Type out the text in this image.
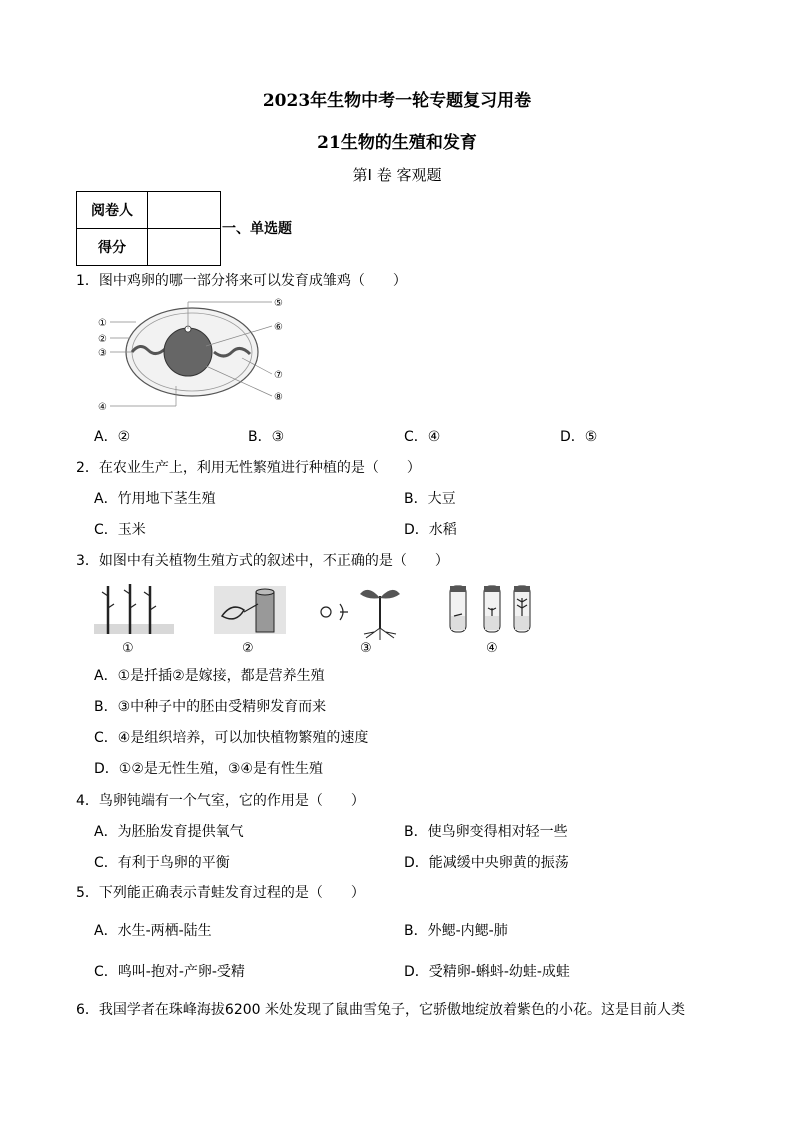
2023年生物中考一轮专题复习用卷
21生物的生殖和发育
第Ⅰ 卷 客观题
阅卷人	
得分	
一、单选题
1．图中鸡卵的哪一部分将来可以发育成雏鸡（　　）
①
②
③
④
⑤
⑥
⑦
⑧
A．②	B．③	C．④	D．⑤
2．在农业生产上，利用无性繁殖进行种植的是（　　）
A．竹用地下茎生殖	B．大豆
C．玉米	D．水稻
3．如图中有关植物生殖方式的叙述中，不正确的是（　　）
①	②	③	④
A．①是扦插②是嫁接，都是营养生殖
B．③中种子中的胚由受精卵发育而来
C．④是组织培养，可以加快植物繁殖的速度
D．①②是无性生殖，③④是有性生殖
4．鸟卵钝端有一个气室，它的作用是（　　）
A．为胚胎发育提供氧气	B．使鸟卵变得相对轻一些
C．有利于鸟卵的平衡	D．能减缓中央卵黄的振荡
5．下列能正确表示青蛙发育过程的是（　　）
A．水生-两栖-陆生	B．外鳃-内鳃-肺
C．鸣叫-抱对-产卵-受精	D．受精卵-蝌蚪-幼蛙-成蛙
6．我国学者在珠峰海拔6200 米处发现了鼠曲雪兔子，它骄傲地绽放着紫色的小花。这是目前人类
